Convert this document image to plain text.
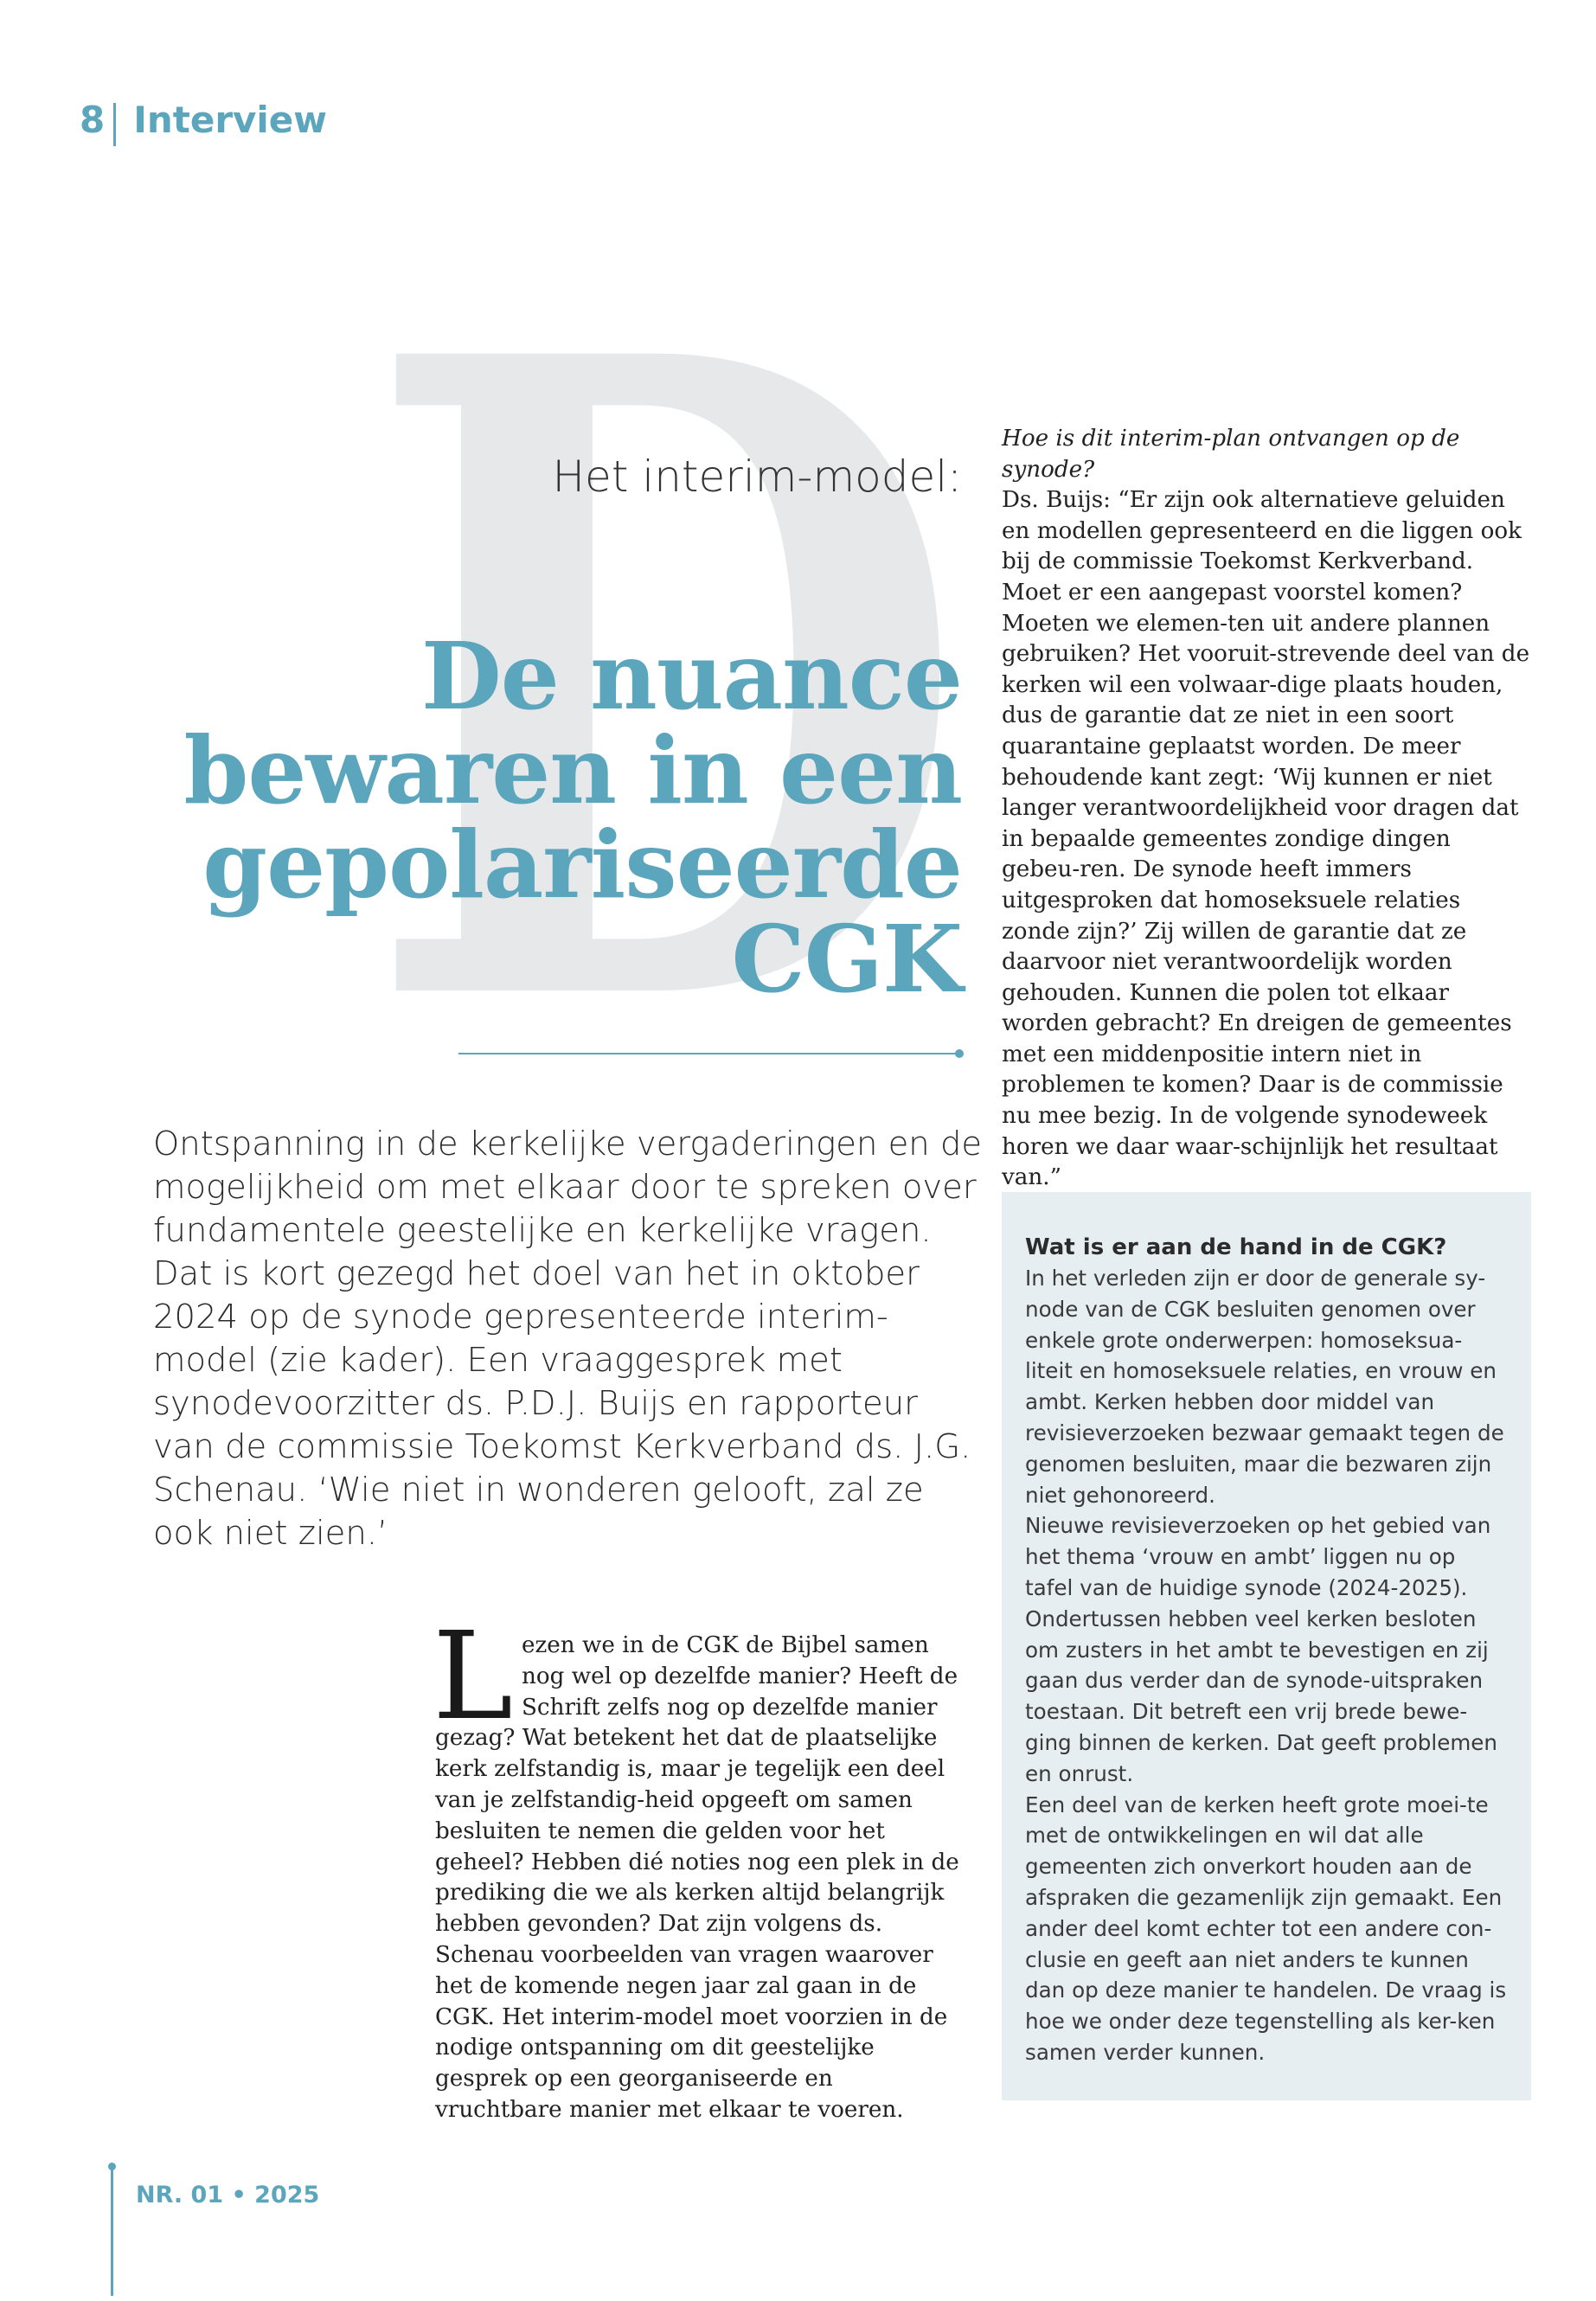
8 Interview
D
Het interim-model:
De nuance
bewaren in een
gepolariseerde
CGK

Hoe is dit interim-plan ontvangen op de synode?

Ds. Buijs: “Er zijn ook alternatieve geluiden en modellen gepresenteerd en die liggen ook bij de commissie Toekomst Kerkverband. Moet er een aangepast voorstel komen? Moeten we elemen-ten uit andere plannen gebruiken? Het vooruit-strevende deel van de kerken wil een volwaar-dige plaats houden, dus de garantie dat ze niet in een soort quarantaine geplaatst worden. De meer behoudende kant zegt: ‘Wij kunnen er niet langer verantwoordelijkheid voor dragen dat in bepaalde gemeentes zondige dingen gebeu-ren. De synode heeft immers uitgesproken dat homoseksuele relaties zonde zijn?’ Zij willen de garantie dat ze daarvoor niet verantwoordelijk worden gehouden. Kunnen die polen tot elkaar worden gebracht? En dreigen de gemeentes met een middenpositie intern niet in problemen te komen? Daar is de commissie nu mee bezig. In de volgende synodeweek horen we daar waar-schijnlijk het resultaat van.”

Ontspanning in de kerkelijke vergaderingen en de mogelijkheid om met elkaar door te spreken over fundamentele geestelijke en kerkelijke vragen. Dat is kort gezegd het doel van het in oktober 2024 op de synode gepresenteerde interim-model (zie kader). Een vraaggesprek met synodevoorzitter ds. P.D.J. Buijs en rapporteur van de commissie Toekomst Kerkverband ds. J.G. Schenau. ‘Wie niet in wonderen gelooft, zal ze ook niet zien.’

Lezen we in de CGK de Bijbel samen nog wel op dezelfde manier? Heeft de Schrift zelfs nog op dezelfde manier gezag? Wat betekent het dat de plaatselijke kerk zelfstandig is, maar je tegelijk een deel van je zelfstandig-heid opgeeft om samen besluiten te nemen die gelden voor het geheel? Hebben dié noties nog een plek in de prediking die we als kerken altijd belangrijk hebben gevonden? Dat zijn volgens ds. Schenau voorbeelden van vragen waarover het de komende negen jaar zal gaan in de CGK. Het interim-model moet voorzien in de nodige ontspanning om dit geestelijke gesprek op een georganiseerde en vruchtbare manier met elkaar te voeren.

Wat is er aan de hand in de CGK?

In het verleden zijn er door de generale sy-node van de CGK besluiten genomen over enkele grote onderwerpen: homoseksua-liteit en homoseksuele relaties, en vrouw en ambt. Kerken hebben door middel van revisieverzoeken bezwaar gemaakt tegen de genomen besluiten, maar die bezwaren zijn niet gehonoreerd.

Nieuwe revisieverzoeken op het gebied van het thema ‘vrouw en ambt’ liggen nu op tafel van de huidige synode (2024-2025). Ondertussen hebben veel kerken besloten om zusters in het ambt te bevestigen en zij gaan dus verder dan de synode-uitspraken toestaan. Dit betreft een vrij brede bewe-ging binnen de kerken. Dat geeft problemen en onrust.

Een deel van de kerken heeft grote moei-te met de ontwikkelingen en wil dat alle gemeenten zich onverkort houden aan de afspraken die gezamenlijk zijn gemaakt. Een ander deel komt echter tot een andere con-clusie en geeft aan niet anders te kunnen dan op deze manier te handelen. De vraag is hoe we onder deze tegenstelling als ker-ken samen verder kunnen.

NR. 01 • 2025
